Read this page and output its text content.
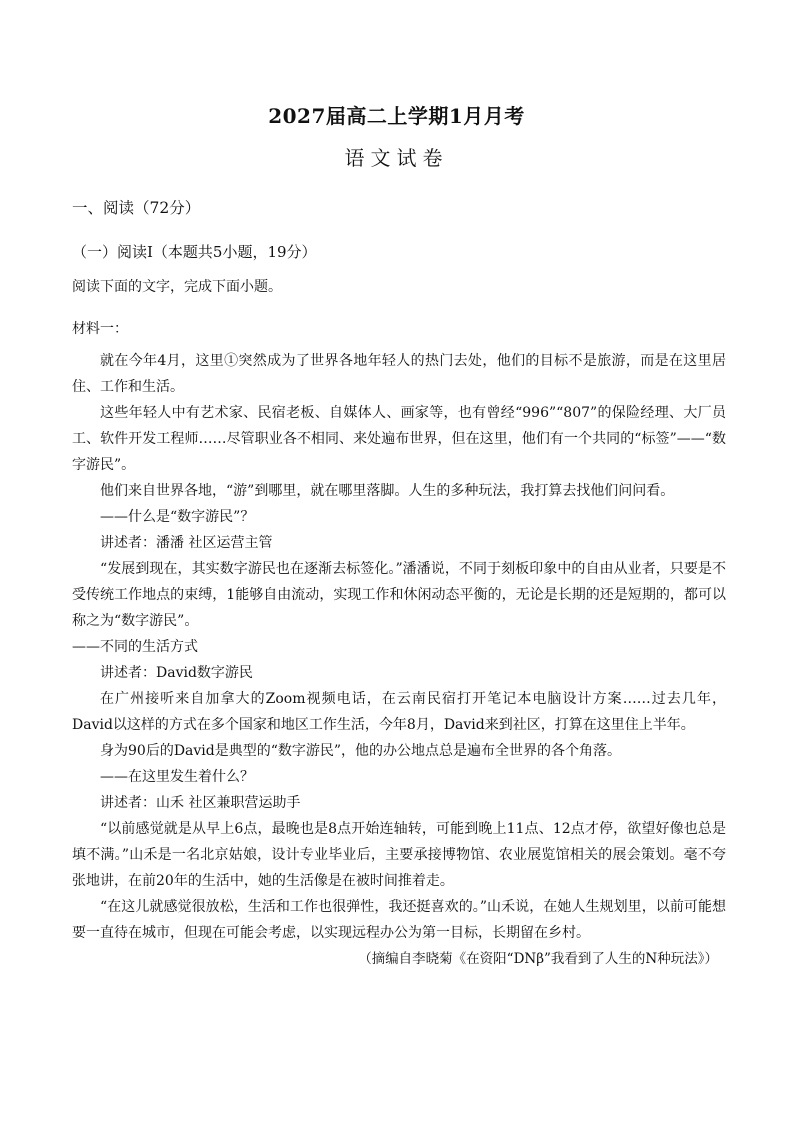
2027届高二上学期1月月考
语文试卷
一、阅读（72分）
（一）阅读Ⅰ（本题共5小题，19分）
阅读下面的文字，完成下面小题。
材料一：

就在今年4月，这里①突然成为了世界各地年轻人的热门去处，他们的目标不是旅游，而是在这里居住、工作和生活。

这些年轻人中有艺术家、民宿老板、自媒体人、画家等，也有曾经“996”“807”的保险经理、大厂员工、软件开发工程师……尽管职业各不相同、来处遍布世界，但在这里，他们有一个共同的“标签”——“数字游民”。

他们来自世界各地，“游”到哪里，就在哪里落脚。人生的多种玩法，我打算去找他们问问看。

——什么是“数字游民”？

讲述者：潘潘 社区运营主管

“发展到现在，其实数字游民也在逐渐去标签化。”潘潘说，不同于刻板印象中的自由从业者，只要是不受传统工作地点的束缚，1能够自由流动，实现工作和休闲动态平衡的，无论是长期的还是短期的，都可以称之为“数字游民”。

——不同的生活方式

讲述者：David数字游民

在广州接听来自加拿大的Zoom视频电话，在云南民宿打开笔记本电脑设计方案……过去几年，David以这样的方式在多个国家和地区工作生活，今年8月，David来到社区，打算在这里住上半年。

身为90后的David是典型的“数字游民”，他的办公地点总是遍布全世界的各个角落。

——在这里发生着什么？

讲述者：山禾 社区兼职营运助手

“以前感觉就是从早上6点，最晚也是8点开始连轴转，可能到晚上11点、12点才停，欲望好像也总是填不满。”山禾是一名北京姑娘，设计专业毕业后，主要承接博物馆、农业展览馆相关的展会策划。毫不夸张地讲，在前20年的生活中，她的生活像是在被时间推着走。

“在这儿就感觉很放松，生活和工作也很弹性，我还挺喜欢的。”山禾说，在她人生规划里，以前可能想要一直待在城市，但现在可能会考虑，以实现远程办公为第一目标，长期留在乡村。

（摘编自李晓菊《在资阳“DNβ”我看到了人生的N种玩法》）
